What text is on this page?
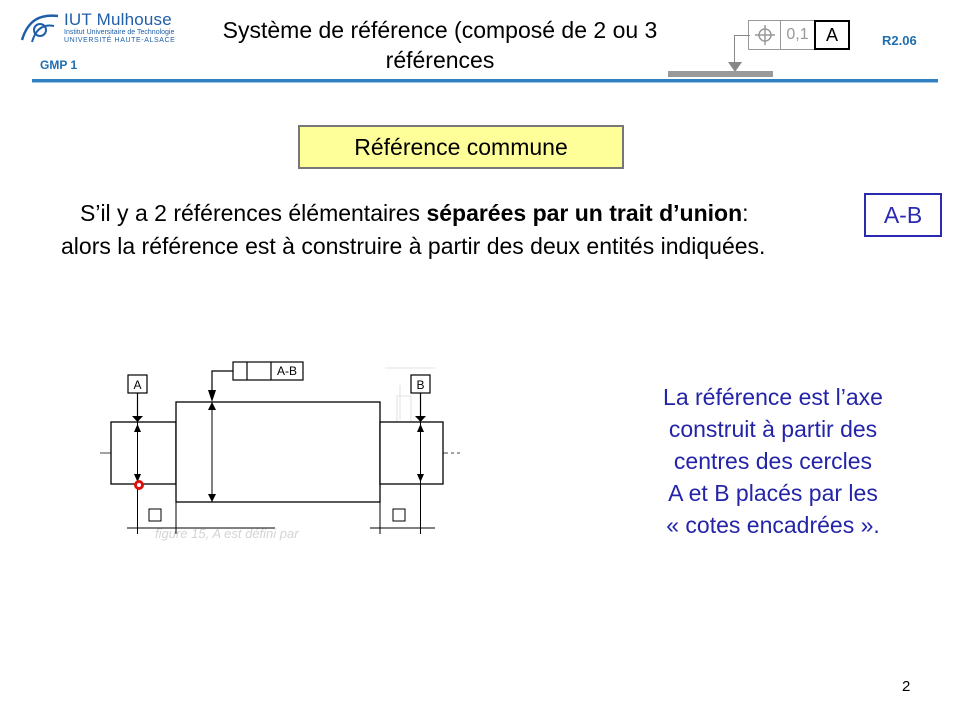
IUT Mulhouse
Institut Universitaire de Technologie
UNIVERSITÉ HAUTE-ALSACE
GMP 1
Système de référence (composé de 2 ou 3
références
R2.06
0,1 A
Référence commune
S’il y a 2 références élémentaires séparées par un trait d’union:	A-B
alors la référence est à construire à partir des deux entités indiquées.
figure 15, A est défini par
A
A-B
B	La référence est l’axe
construit à partir des
centres des cercles
A et B placés par les
« cotes encadrées ».
2
